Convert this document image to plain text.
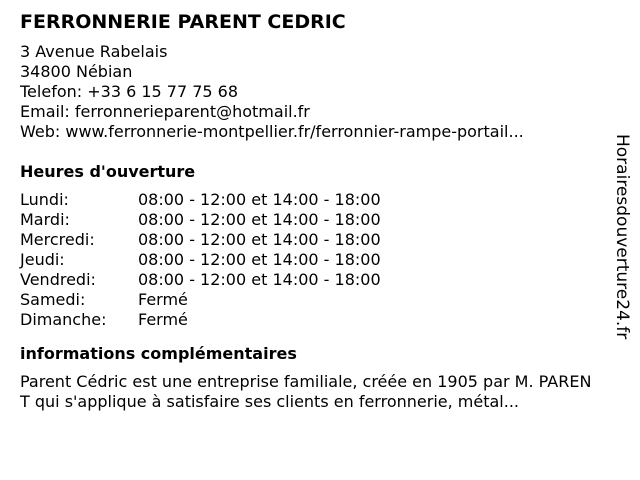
FERRONNERIE PARENT CEDRIC
3 Avenue Rabelais
34800 Nébian
Telefon: +33 6 15 77 75 68
Email: ferronnerieparent@hotmail.fr
Web: www.ferronnerie-montpellier.fr/ferronnier-rampe-portail...
Heures d'ouverture
Lundi:	08:00 - 12:00 et 14:00 - 18:00
Mardi:	08:00 - 12:00 et 14:00 - 18:00
Mercredi:	08:00 - 12:00 et 14:00 - 18:00
Jeudi:	08:00 - 12:00 et 14:00 - 18:00
Vendredi:	08:00 - 12:00 et 14:00 - 18:00
Samedi:	Fermé
Dimanche:	Fermé
informations complémentaires
Parent Cédric est une entreprise familiale, créée en 1905 par M. PARENT qui s'applique à satisfaire ses clients en ferronnerie, métal...
Horairesdouverture24.fr
